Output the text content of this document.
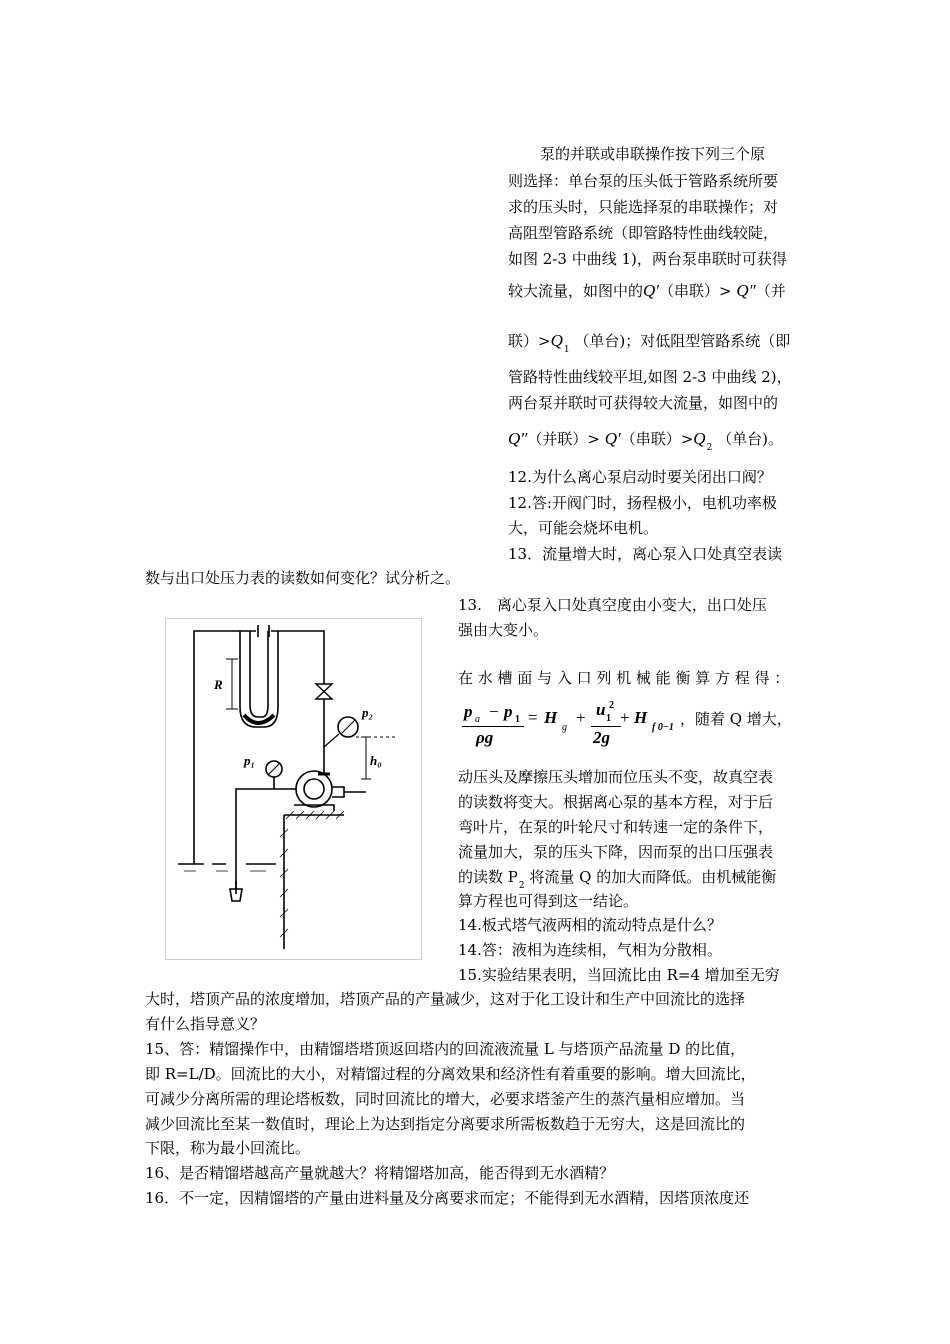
泵的并联或串联操作按下列三个原
则选择：单台泵的压头低于管路系统所要
求的压头时，只能选择泵的串联操作；对
高阻型管路系统（即管路特性曲线较陡，
如图 2-3 中曲线 1)，两台泵串联时可获得
较大流量，如图中的Q′（串联）> Q″（并
联）$>Q_1$ （单台)；对低阻型管路系统（即
管路特性曲线较平坦,如图 2-3 中曲线 2)，
两台泵并联时可获得较大流量，如图中的
Q″（并联）> Q′（串联）$>Q_2$ （单台)。
12.为什么离心泵启动时要关闭出口阀？
12.答:开阀门时，扬程极小，电机功率极
大，可能会烧坏电机。
13．流量增大时，离心泵入口处真空表读
数与出口处压力表的读数如何变化？试分析之。
13.　离心泵入口处真空度由小变大，出口处压
强由大变小。
在 水 槽 面 与 入 口 列 机 械 能 衡 算 方 程 得 ：
p a − p 1
ρg
= H
g
+ u 2
1
2g
+ H
f 0−1 ，随着 Q 增大，
动压头及摩擦压头增加而位压头不变，故真空表
的读数将变大。根据离心泵的基本方程，对于后
弯叶片，在泵的叶轮尺寸和转速一定的条件下，
流量加大，泵的压头下降，因而泵的出口压强表
的读数 $P_2$ 将流量 Q 的加大而降低。由机械能衡
算方程也可得到这一结论。
14.板式塔气液两相的流动特点是什么？
14.答：液相为连续相，气相为分散相。
15.实验结果表明，当回流比由 R=4 增加至无穷
R
p₂
p₁	h₀
大时，塔顶产品的浓度增加，塔顶产品的产量减少，这对于化工设计和生产中回流比的选择
有什么指导意义？
15、答：精馏操作中，由精馏塔塔顶返回塔内的回流液流量 L 与塔顶产品流量 D 的比值，
即 R=L/D。回流比的大小，对精馏过程的分离效果和经济性有着重要的影响。增大回流比，
可减少分离所需的理论塔板数，同时回流比的增大，必要求塔釜产生的蒸汽量相应增加。当
减少回流比至某一数值时，理论上为达到指定分离要求所需板数趋于无穷大，这是回流比的
下限，称为最小回流比。
16、是否精馏塔越高产量就越大？将精馏塔加高，能否得到无水酒精？
16．不一定，因精馏塔的产量由进料量及分离要求而定；不能得到无水酒精，因塔顶浓度还
